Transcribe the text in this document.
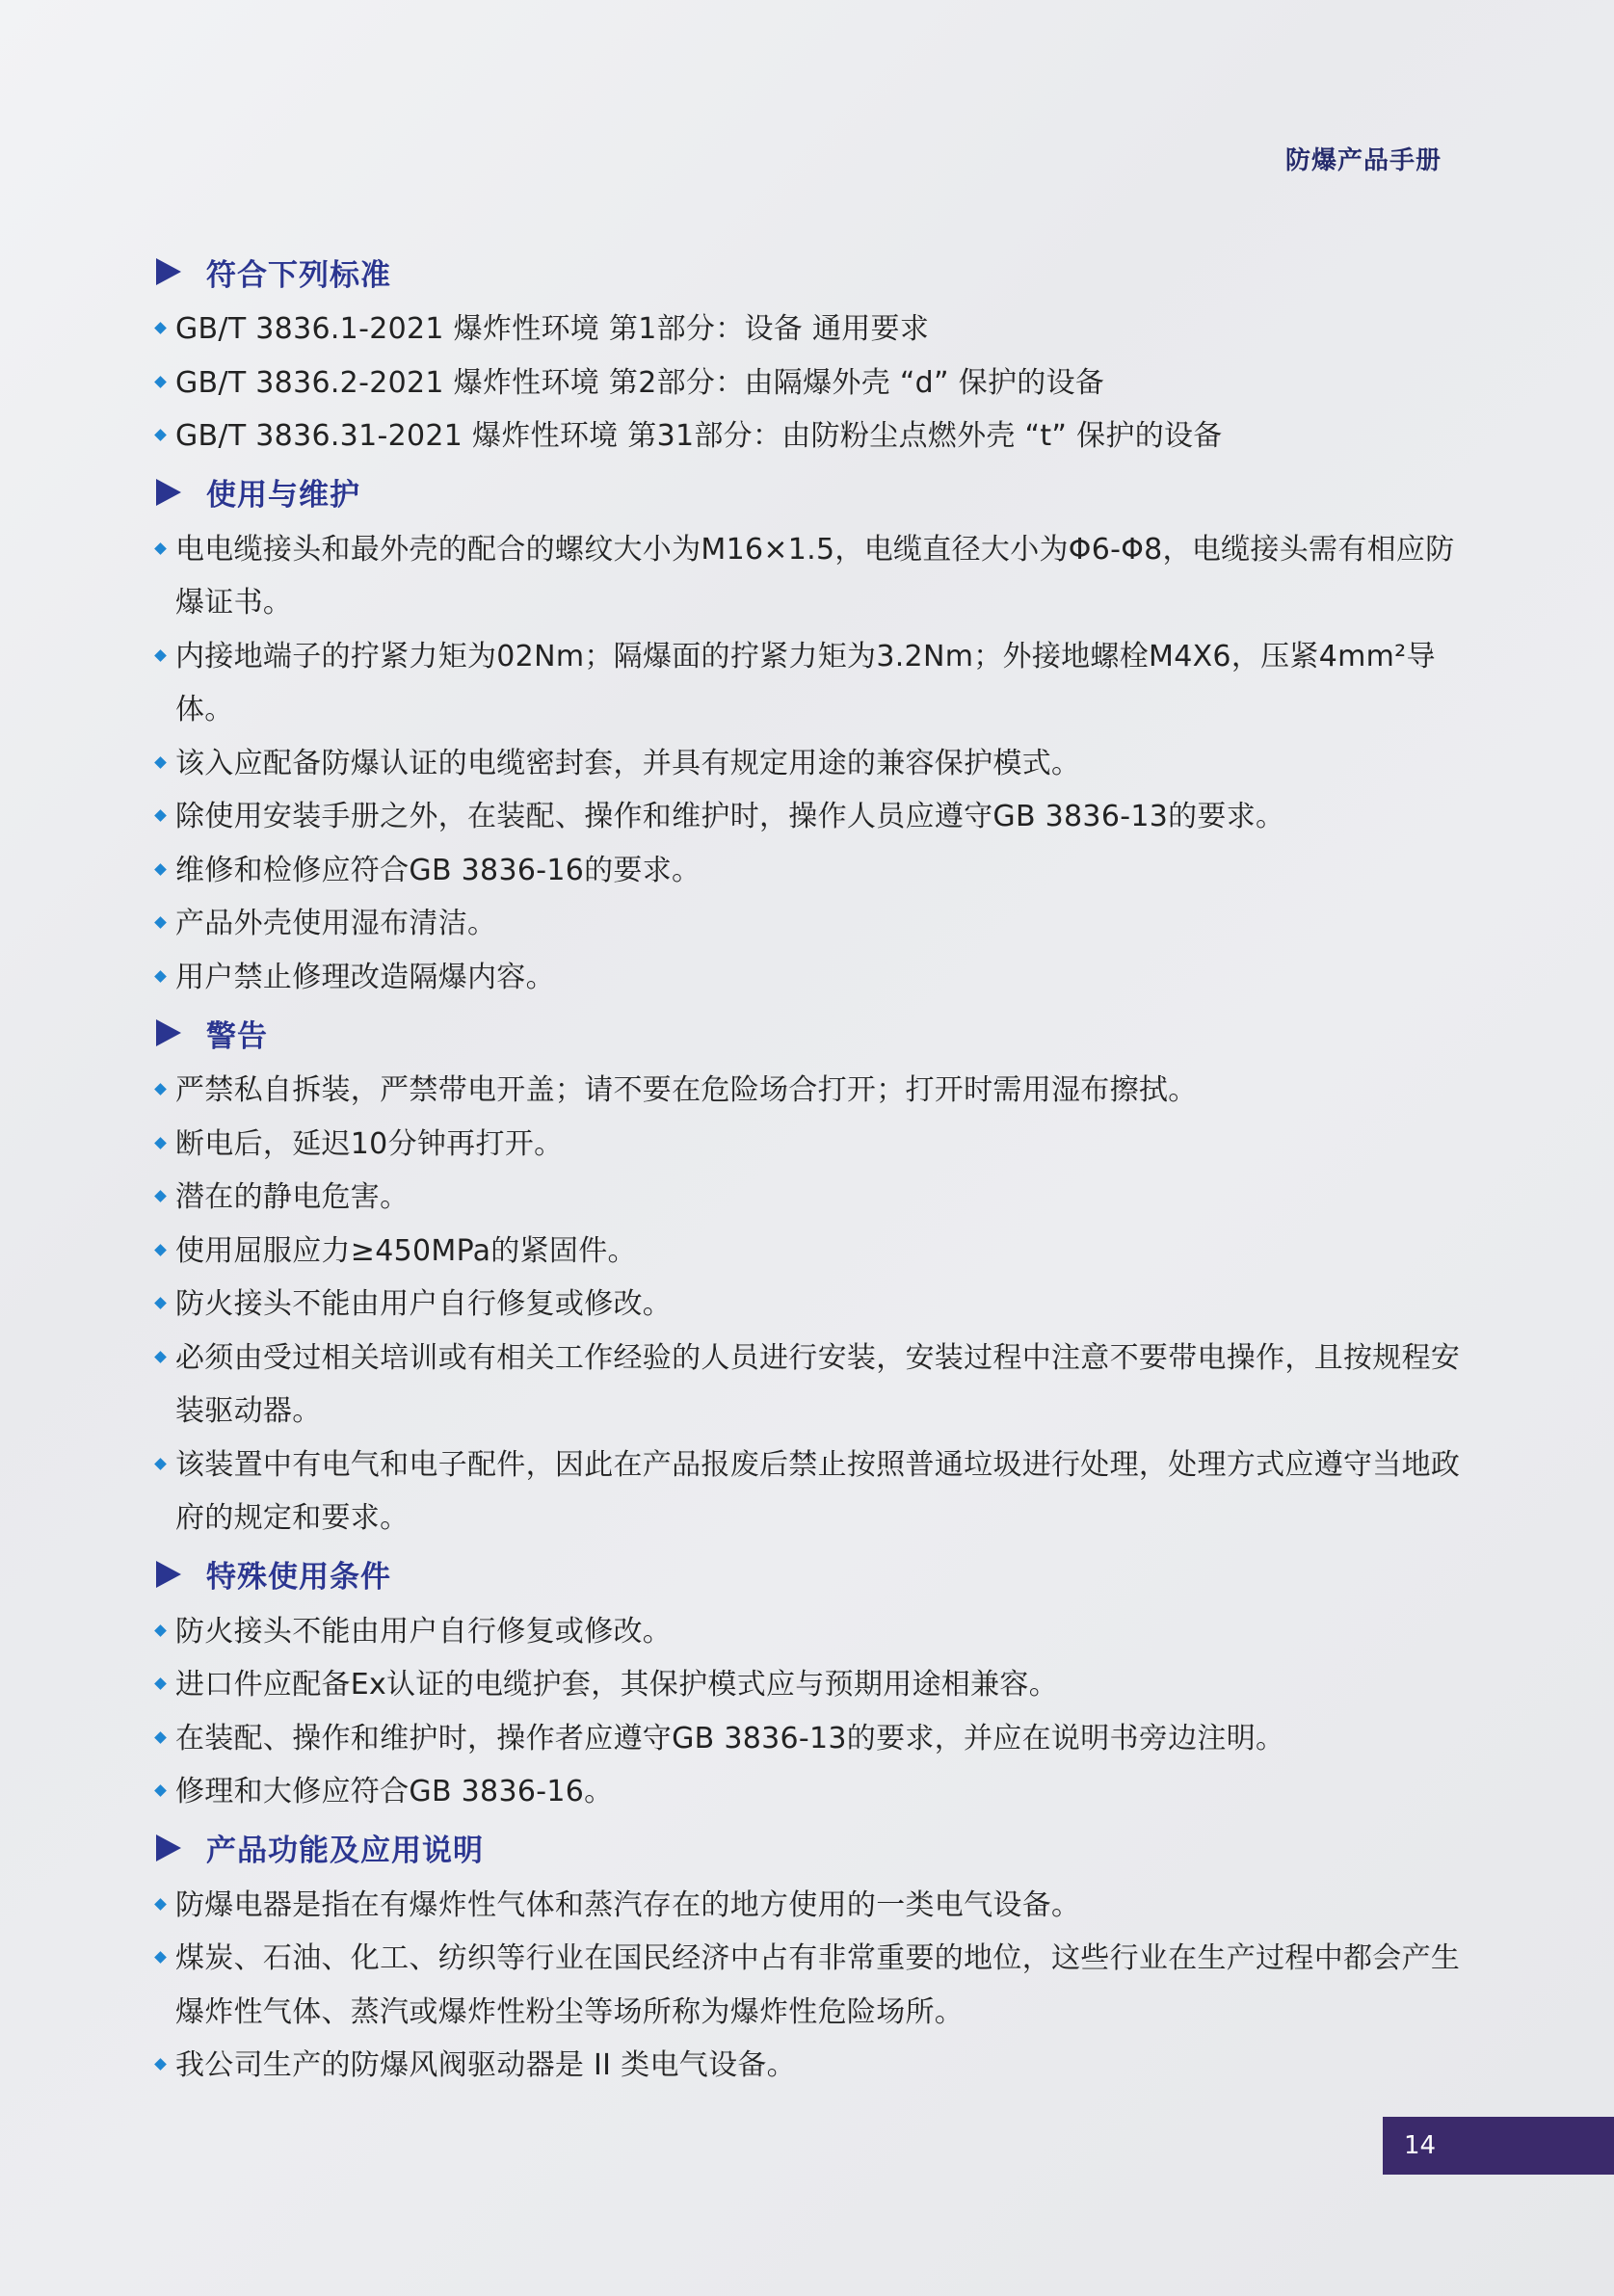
防爆产品手册
符合下列标准
GB/T 3836.1-2021 爆炸性环境 第1部分：设备 通用要求
GB/T 3836.2-2021 爆炸性环境 第2部分：由隔爆外壳 “d” 保护的设备
GB/T 3836.31-2021 爆炸性环境 第31部分：由防粉尘点燃外壳 “t” 保护的设备
使用与维护
电电缆接头和最外壳的配合的螺纹大小为M16×1.5，电缆直径大小为Φ6-Φ8，电缆接头需有相应防爆证书。
内接地端子的拧紧力矩为02Nm；隔爆面的拧紧力矩为3.2Nm；外接地螺栓M4X6，压紧4mm²导体。
该入应配备防爆认证的电缆密封套，并具有规定用途的兼容保护模式。
除使用安装手册之外，在装配、操作和维护时，操作人员应遵守GB 3836-13的要求。
维修和检修应符合GB 3836-16的要求。
产品外壳使用湿布清洁。
用户禁止修理改造隔爆内容。
警告
严禁私自拆装，严禁带电开盖；请不要在危险场合打开；打开时需用湿布擦拭。
断电后，延迟10分钟再打开。
潜在的静电危害。
使用屈服应力≥450MPa的紧固件。
防火接头不能由用户自行修复或修改。
必须由受过相关培训或有相关工作经验的人员进行安装，安装过程中注意不要带电操作，且按规程安装驱动器。
该装置中有电气和电子配件，因此在产品报废后禁止按照普通垃圾进行处理，处理方式应遵守当地政府的规定和要求。
特殊使用条件
防火接头不能由用户自行修复或修改。
进口件应配备Ex认证的电缆护套，其保护模式应与预期用途相兼容。
在装配、操作和维护时，操作者应遵守GB 3836-13的要求，并应在说明书旁边注明。
修理和大修应符合GB 3836-16。
产品功能及应用说明
防爆电器是指在有爆炸性气体和蒸汽存在的地方使用的一类电气设备。
煤炭、石油、化工、纺织等行业在国民经济中占有非常重要的地位，这些行业在生产过程中都会产生爆炸性气体、蒸汽或爆炸性粉尘等场所称为爆炸性危险场所。
我公司生产的防爆风阀驱动器是 II 类电气设备。
14
